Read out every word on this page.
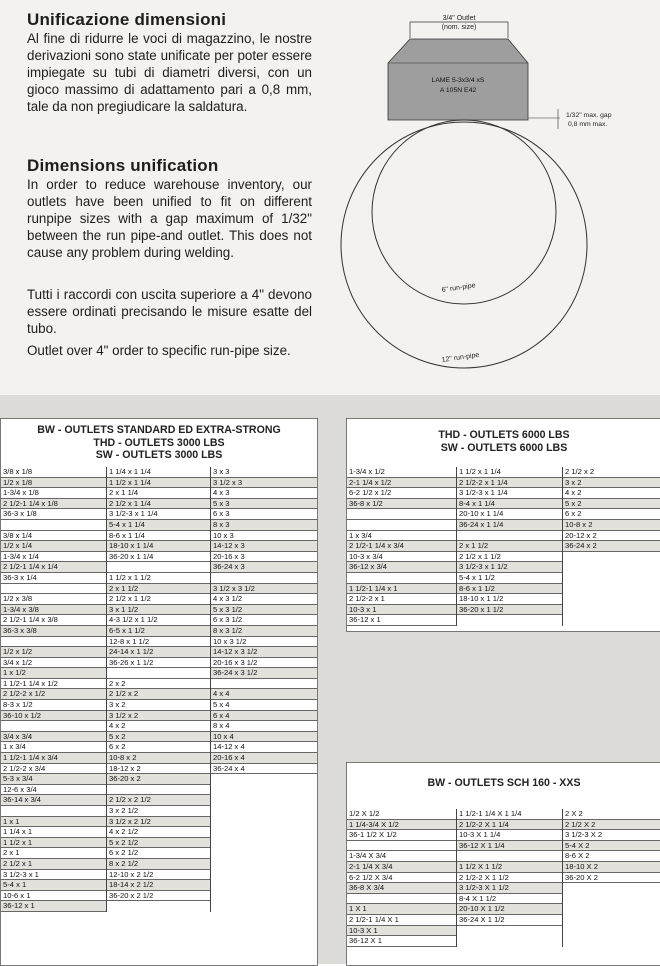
Unificazione dimensioni

Al fine di ridurre le voci di magazzino, le nostre derivazioni sono state unificate per poter essere impiegate su tubi di diametri diversi, con un gioco massimo di adattamento pari a 0,8 mm, tale da non pregiudicare la saldatura.

Dimensions unification

In order to reduce warehouse inventory, our outlets have been unified to fit on different runpipe sizes with a gap maximum of 1/32" between the run pipe-and outlet. This does not cause any problem during welding.

Tutti i raccordi con uscita superiore a 4" devono essere ordinati precisando le misure esatte del tubo.

Outlet over 4" order to specific run-pipe size.

3/4" Outlet
(nom. size)
LAME 5-3x3/4 xS
A 105N E42
1/32" max. gap
0,8 mm max.
6" run-pipe
12" run-pipe
BW - OUTLETS STANDARD ED EXTRA-STRONG
THD - OUTLETS 3000 LBS
SW - OUTLETS 3000 LBS
3/8 x 1/8
1/2 x 1/8
1-3/4 x 1/8
2 1/2-1 1/4 x 1/8
36-3 x 1/8
3/8 x 1/4
1/2 x 1/4
1-3/4 x 1/4
2 1/2-1 1/4 x 1/4
36-3 x 1/4
1/2 x 3/8
1-3/4 x 3/8
2 1/2-1 1/4 x 3/8
36-3 x 3/8
1/2 x 1/2
3/4 x 1/2
1 x 1/2
1 1/2-1 1/4 x 1/2
2 1/2-2 x 1/2
8-3 x 1/2
36-10 x 1/2
3/4 x 3/4
1 x 3/4
1 1/2-1 1/4 x 3/4
2 1/2-2 x 3/4
5-3 x 3/4
12-6 x 3/4
36-14 x 3/4
1 x 1
1 1/4 x 1
1 1/2 x 1
2 x 1
2 1/2 x 1
3 1/2-3 x 1
5-4 x 1
10-6 x 1
36-12 x 1
1 1/4 x 1 1/4
1 1/2 x 1 1/4
2 x 1 1/4
2 1/2 x 1 1/4
3 1/2-3 x 1 1/4
5-4 x 1 1/4
8-6 x 1 1/4
18-10 x 1 1/4
36-20 x 1 1/4
1 1/2 x 1 1/2
2 x 1 1/2
2 1/2 x 1 1/2
3 x 1 1/2
4-3 1/2 x 1 1/2
6-5 x 1 1/2
12-8 x 1 1/2
24-14 x 1 1/2
36-26 x 1 1/2
2 x 2
2 1/2 x 2
3 x 2
3 1/2 x 2
4 x 2
5 x 2
6 x 2
10-8 x 2
18-12 x 2
36-20 x 2
2 1/2 x 2 1/2
3 x 2 1/2
3 1/2 x 2 1/2
4 x 2 1/2
5 x 2 1/2
6 x 2 1/2
8 x 2 1/2
12-10 x 2 1/2
18-14 x 2 1/2
36-20 x 2 1/2
3 x 3
3 1/2 x 3
4 x 3
5 x 3
6 x 3
8 x 3
10 x 3
14-12 x 3
20-16 x 3
36-24 x 3
3 1/2 x 3 1/2
4 x 3 1/2
5 x 3 1/2
6 x 3 1/2
8 x 3 1/2
10 x 3 1/2
14-12 x 3 1/2
20-16 x 3 1/2
36-24 x 3 1/2
4 x 4
5 x 4
6 x 4
8 x 4
10 x 4
14-12 x 4
20-16 x 4
36-24 x 4
THD - OUTLETS 6000 LBS
SW - OUTLETS 6000 LBS
1-3/4 x 1/2
2-1 1/4 x 1/2
6-2 1/2 x 1/2
36-8 x 1/2
1 x 3/4
2 1/2-1 1/4 x 3/4
10-3 x 3/4
36-12 x 3/4
1 1/2-1 1/4 x 1
2 1/2-2 x 1
10-3 x 1
36-12 x 1
1 1/2 x 1 1/4
2 1/2-2 x 1 1/4
3 1/2-3 x 1 1/4
8-4 x 1 1/4
20-10 x 1 1/4
36-24 x 1 1/4
2 x 1 1/2
2 1/2 x 1 1/2
3 1/2-3 x 1 1/2
5-4 x 1 1/2
8-6 x 1 1/2
18-10 x 1 1/2
36-20 x 1 1/2
2 1/2 x 2
3 x 2
4 x 2
5 x 2
6 x 2
10-8 x 2
20-12 x 2
36-24 x 2
BW - OUTLETS SCH 160 - XXS
1/2 X 1/2
1 1/4-3/4 X 1/2
36-1 1/2 X 1/2
1-3/4 X 3/4
2-1 1/4 X 3/4
6-2 1/2 X 3/4
36-8 X 3/4
1 X 1
2 1/2-1 1/4 X 1
10-3 X 1
36-12 X 1
1 1/2-1 1/4 X 1 1/4
2 1/2-2 X 1 1/4
10-3 X 1 1/4
36-12 X 1 1/4
1 1/2 X 1 1/2
2 1/2-2 X 1 1/2
3 1/2-3 X 1 1/2
8-4 X 1 1/2
20-10 X 1 1/2
36-24 X 1 1/2
2 X 2
2 1/2 X 2
3 1/2-3 X 2
5-4 X 2
8-6 X 2
18-10 X 2
36-20 X 2
